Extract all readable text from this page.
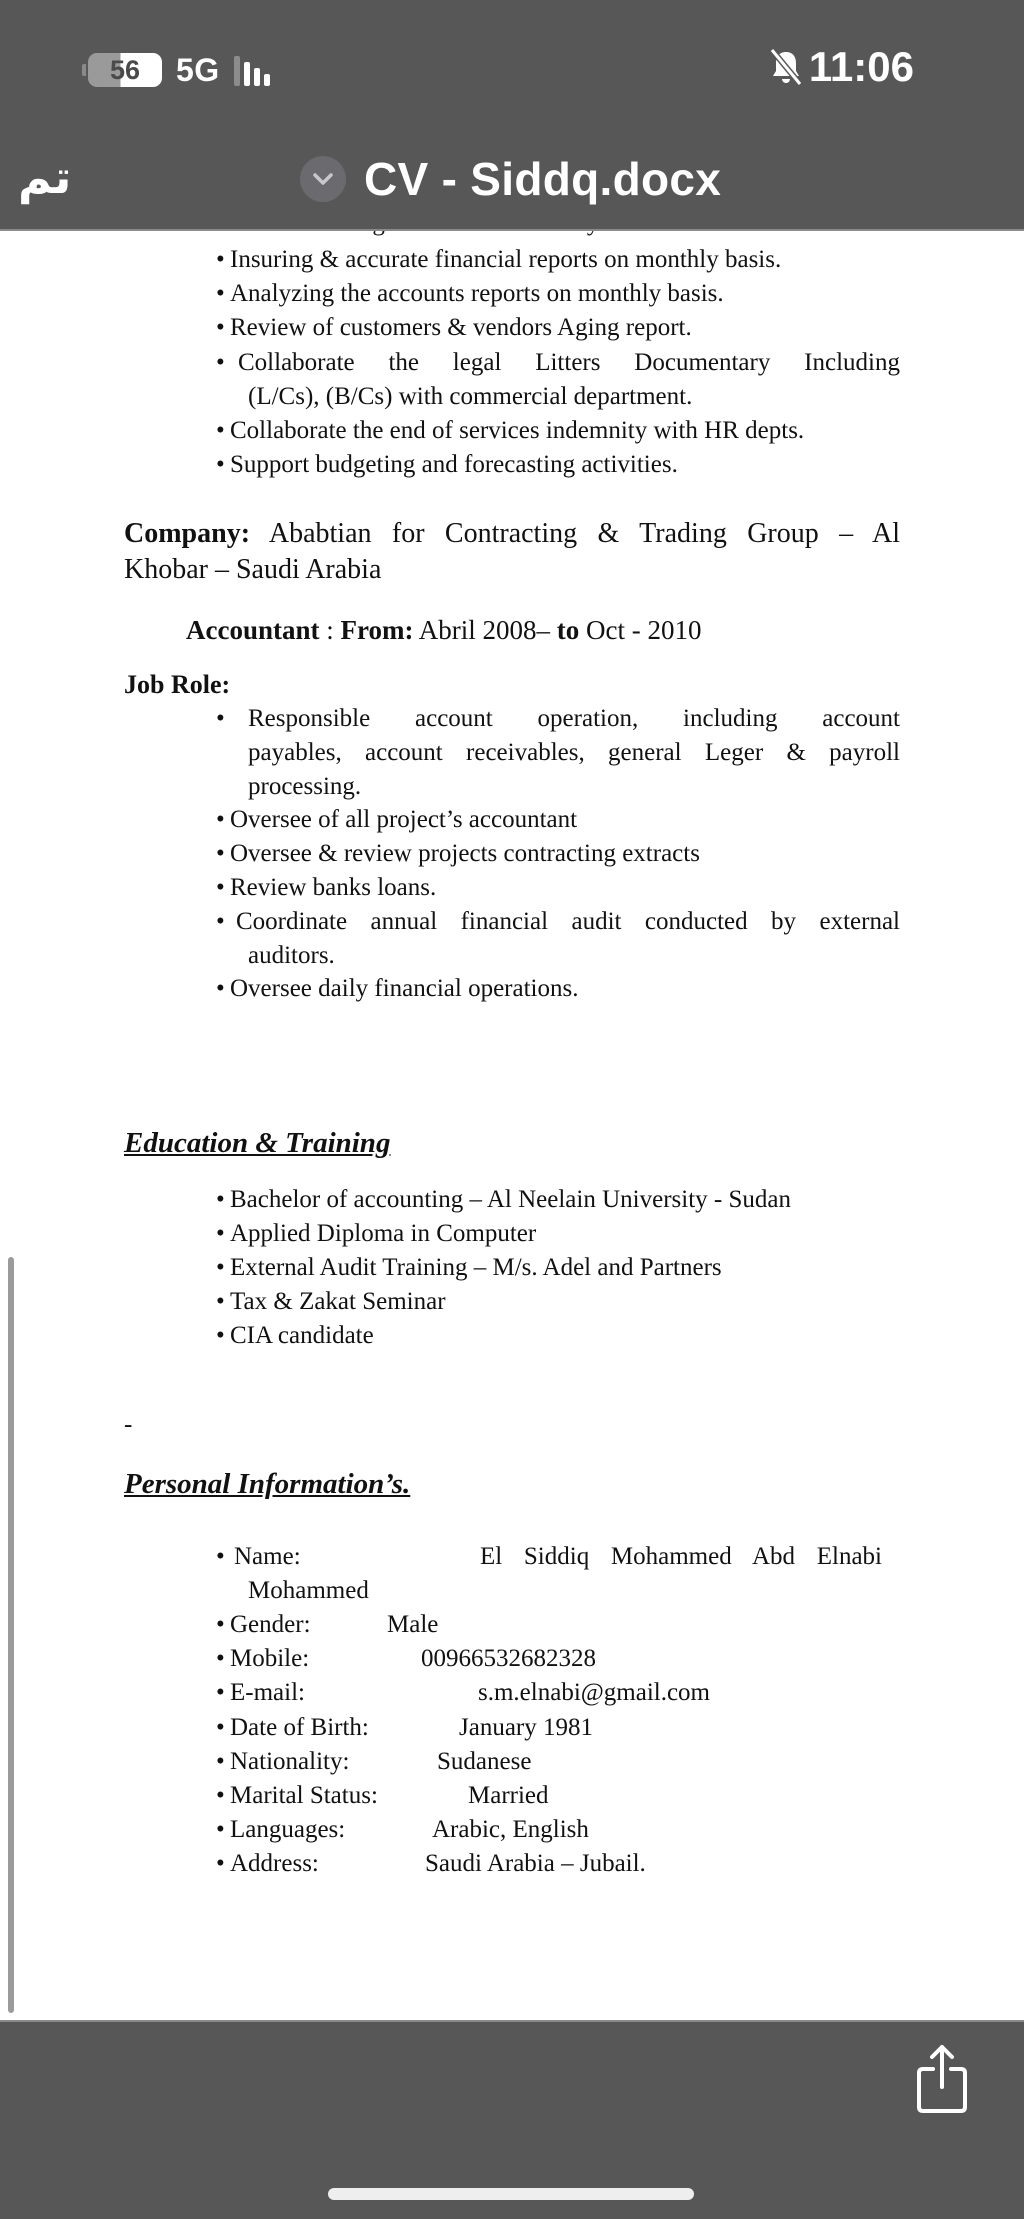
• Insuring & accurate financial reports on monthly basis.
• Analyzing the accounts reports on monthly basis.
• Review of customers & vendors Aging report.
• Collaborate the legal Litters Documentary Including
(L/Cs), (B/Cs) with commercial department.
• Collaborate the end of services indemnity with HR depts.
• Support budgeting and forecasting activities.
Company: Ababtian for Contracting & Trading Group – Al
Khobar – Saudi Arabia
Accountant : From: Abril 2008– to Oct - 2010
Job Role:
• Responsible account operation, including account
payables, account receivables, general Leger & payroll
processing.
• Oversee of all project’s accountant
• Oversee & review projects contracting extracts
• Review banks loans.
• Coordinate annual financial audit conducted by external
auditors.
• Oversee daily financial operations.
Education & Training
• Bachelor of accounting – Al Neelain University - Sudan
• Applied Diploma in Computer
• External Audit Training – M/s. Adel and Partners
• Tax & Zakat Seminar
• CIA candidate
-
Personal Information’s.
• Name:	El Siddiq Mohammed Abd Elnabi
Mohammed
• Gender:	Male
• Mobile:	00966532682328
• E-mail:	s.m.elnabi@gmail.com
• Date of Birth:	January 1981
• Nationality:	Sudanese
• Marital Status:	Married
• Languages:	Arabic, English
• Address:	Saudi Arabia – Jubail.
56 5G	11:06
تم	CV - Siddq.docx
